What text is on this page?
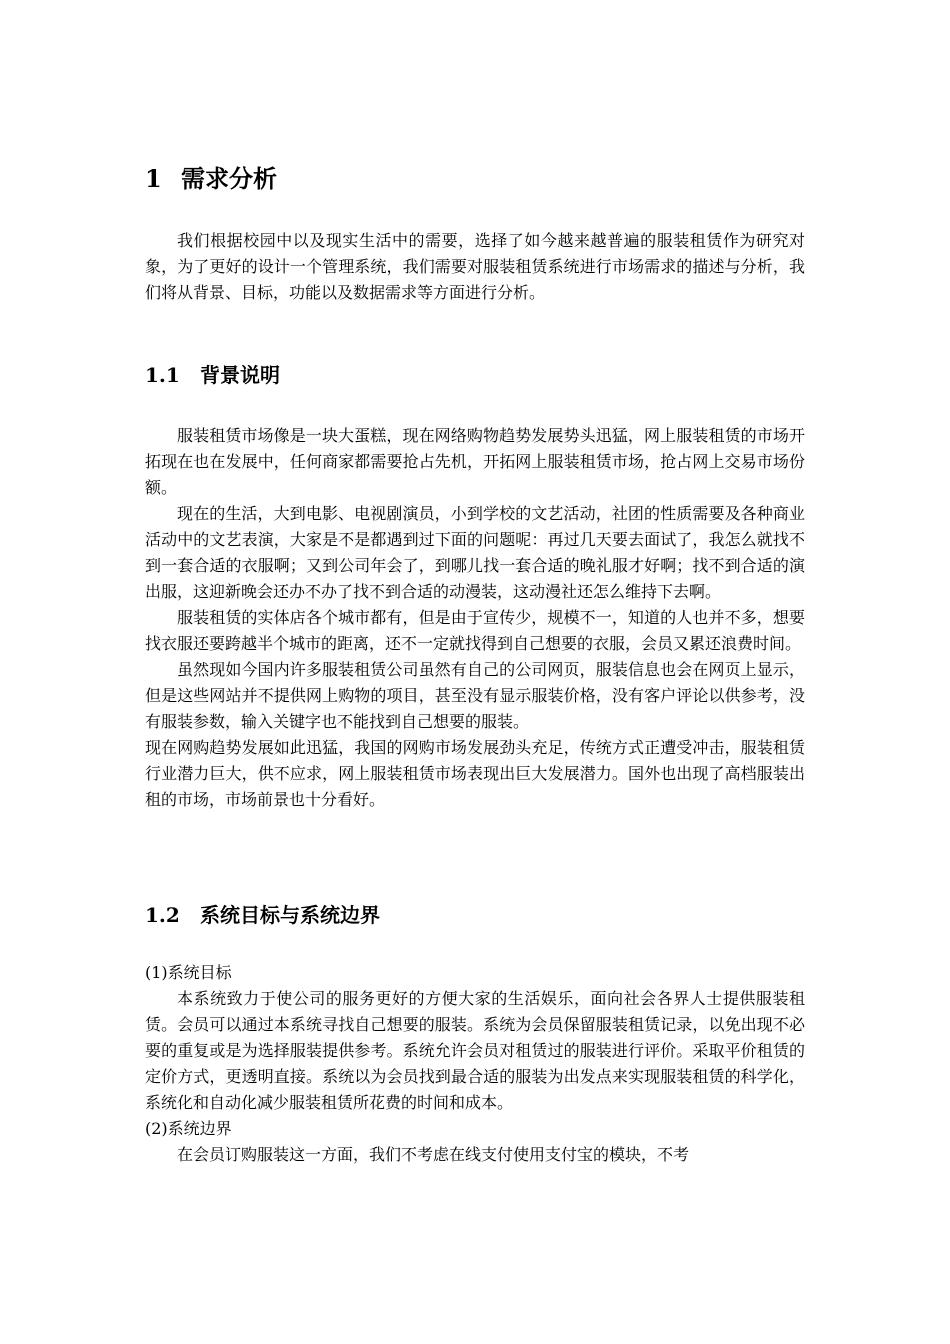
1 需求分析

我们根据校园中以及现实生活中的需要，选择了如今越来越普遍的服装租赁作为研究对象，为了更好的设计一个管理系统，我们需要对服装租赁系统进行市场需求的描述与分析，我们将从背景、目标，功能以及数据需求等方面进行分析。

1.1 背景说明

服装租赁市场像是一块大蛋糕，现在网络购物趋势发展势头迅猛，网上服装租赁的市场开拓现在也在发展中，任何商家都需要抢占先机，开拓网上服装租赁市场，抢占网上交易市场份额。

现在的生活，大到电影、电视剧演员，小到学校的文艺活动，社团的性质需要及各种商业活动中的文艺表演，大家是不是都遇到过下面的问题呢：再过几天要去面试了，我怎么就找不到一套合适的衣服啊；又到公司年会了，到哪儿找一套合适的晚礼服才好啊；找不到合适的演出服，这迎新晚会还办不办了找不到合适的动漫装，这动漫社还怎么维持下去啊。

服装租赁的实体店各个城市都有，但是由于宣传少，规模不一，知道的人也并不多，想要找衣服还要跨越半个城市的距离，还不一定就找得到自己想要的衣服，会员又累还浪费时间。

虽然现如今国内许多服装租赁公司虽然有自己的公司网页，服装信息也会在网页上显示，但是这些网站并不提供网上购物的项目，甚至没有显示服装价格，没有客户评论以供参考，没有服装参数，输入关键字也不能找到自己想要的服装。

现在网购趋势发展如此迅猛，我国的网购市场发展劲头充足，传统方式正遭受冲击，服装租赁行业潜力巨大，供不应求，网上服装租赁市场表现出巨大发展潜力。国外也出现了高档服装出租的市场，市场前景也十分看好。

1.2 系统目标与系统边界

(1)系统目标

本系统致力于使公司的服务更好的方便大家的生活娱乐，面向社会各界人士提供服装租赁。会员可以通过本系统寻找自己想要的服装。系统为会员保留服装租赁记录，以免出现不必要的重复或是为选择服装提供参考。系统允许会员对租赁过的服装进行评价。采取平价租赁的定价方式，更透明直接。系统以为会员找到最合适的服装为出发点来实现服装租赁的科学化，系统化和自动化减少服装租赁所花费的时间和成本。

(2)系统边界

在会员订购服装这一方面，我们不考虑在线支付使用支付宝的模块，不考
